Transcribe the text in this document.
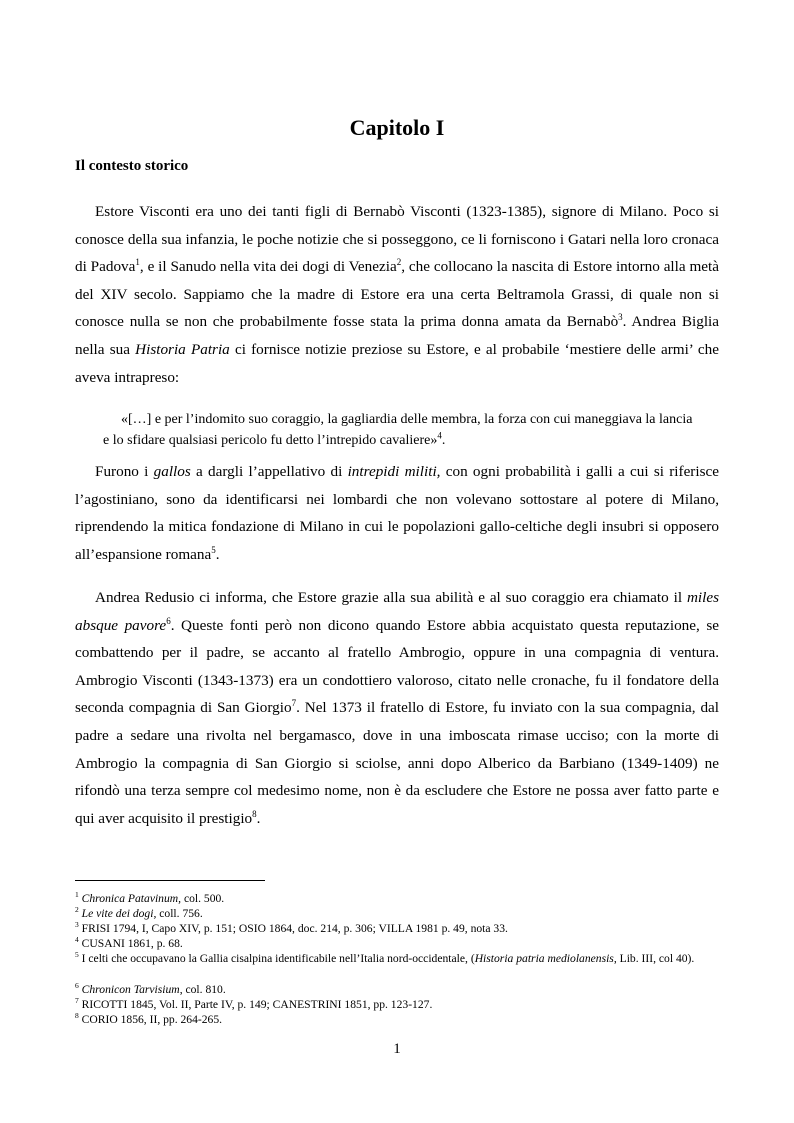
Capitolo I

Il contesto storico

Estore Visconti era uno dei tanti figli di Bernabò Visconti (1323-1385), signore di Milano. Poco si conosce della sua infanzia, le poche notizie che si posseggono, ce li forniscono i Gatari nella loro cronaca di Padova$^1$, e il Sanudo nella vita dei dogi di Venezia$^2$, che collocano la nascita di Estore intorno alla metà del XIV secolo. Sappiamo che la madre di Estore era una certa Beltramola Grassi, di quale non si conosce nulla se non che probabilmente fosse stata la prima donna amata da Bernabò$^3$. Andrea Biglia nella sua Historia Patria ci fornisce notizie preziose su Estore, e al probabile ‘mestiere delle armi’ che aveva intrapreso:

«[…] e per l’indomito suo coraggio, la gagliardia delle membra, la forza con cui maneggiava la lancia e lo sfidare qualsiasi pericolo fu detto l’intrepido cavaliere»$^4$.

Furono i gallos a dargli l’appellativo di intrepidi militi, con ogni probabilità i galli a cui si riferisce l’agostiniano, sono da identificarsi nei lombardi che non volevano sottostare al potere di Milano, riprendendo la mitica fondazione di Milano in cui le popolazioni gallo-celtiche degli insubri si opposero all’espansione romana$^5$.

Andrea Redusio ci informa, che Estore grazie alla sua abilità e al suo coraggio era chiamato il miles absque pavore$^6$. Queste fonti però non dicono quando Estore abbia acquistato questa reputazione, se combattendo per il padre, se accanto al fratello Ambrogio, oppure in una compagnia di ventura. Ambrogio Visconti (1343-1373) era un condottiero valoroso, citato nelle cronache, fu il fondatore della seconda compagnia di San Giorgio$^7$. Nel 1373 il fratello di Estore, fu inviato con la sua compagnia, dal padre a sedare una rivolta nel bergamasco, dove in una imboscata rimase ucciso; con la morte di Ambrogio la compagnia di San Giorgio si sciolse, anni dopo Alberico da Barbiano (1349-1409) ne rifondò una terza sempre col medesimo nome, non è da escludere che Estore ne possa aver fatto parte e qui aver acquisito il prestigio$^8$.

$^1$ Chronica Patavinum, col. 500.

$^2$ Le vite dei dogi, coll. 756.

$^3$ FRISI 1794, I, Capo XIV, p. 151; OSIO 1864, doc. 214, p. 306; VILLA 1981 p. 49, nota 33.

$^4$ CUSANI 1861, p. 68.

$^5$ I celti che occupavano la Gallia cisalpina identificabile nell’Italia nord-occidentale, (Historia patria mediolanensis, Lib. III, col 40).

$^6$ Chronicon Tarvisium, col. 810.

$^7$ RICOTTI 1845, Vol. II, Parte IV, p. 149; CANESTRINI 1851, pp. 123-127.

$^8$ CORIO 1856, II, pp. 264-265.

1
